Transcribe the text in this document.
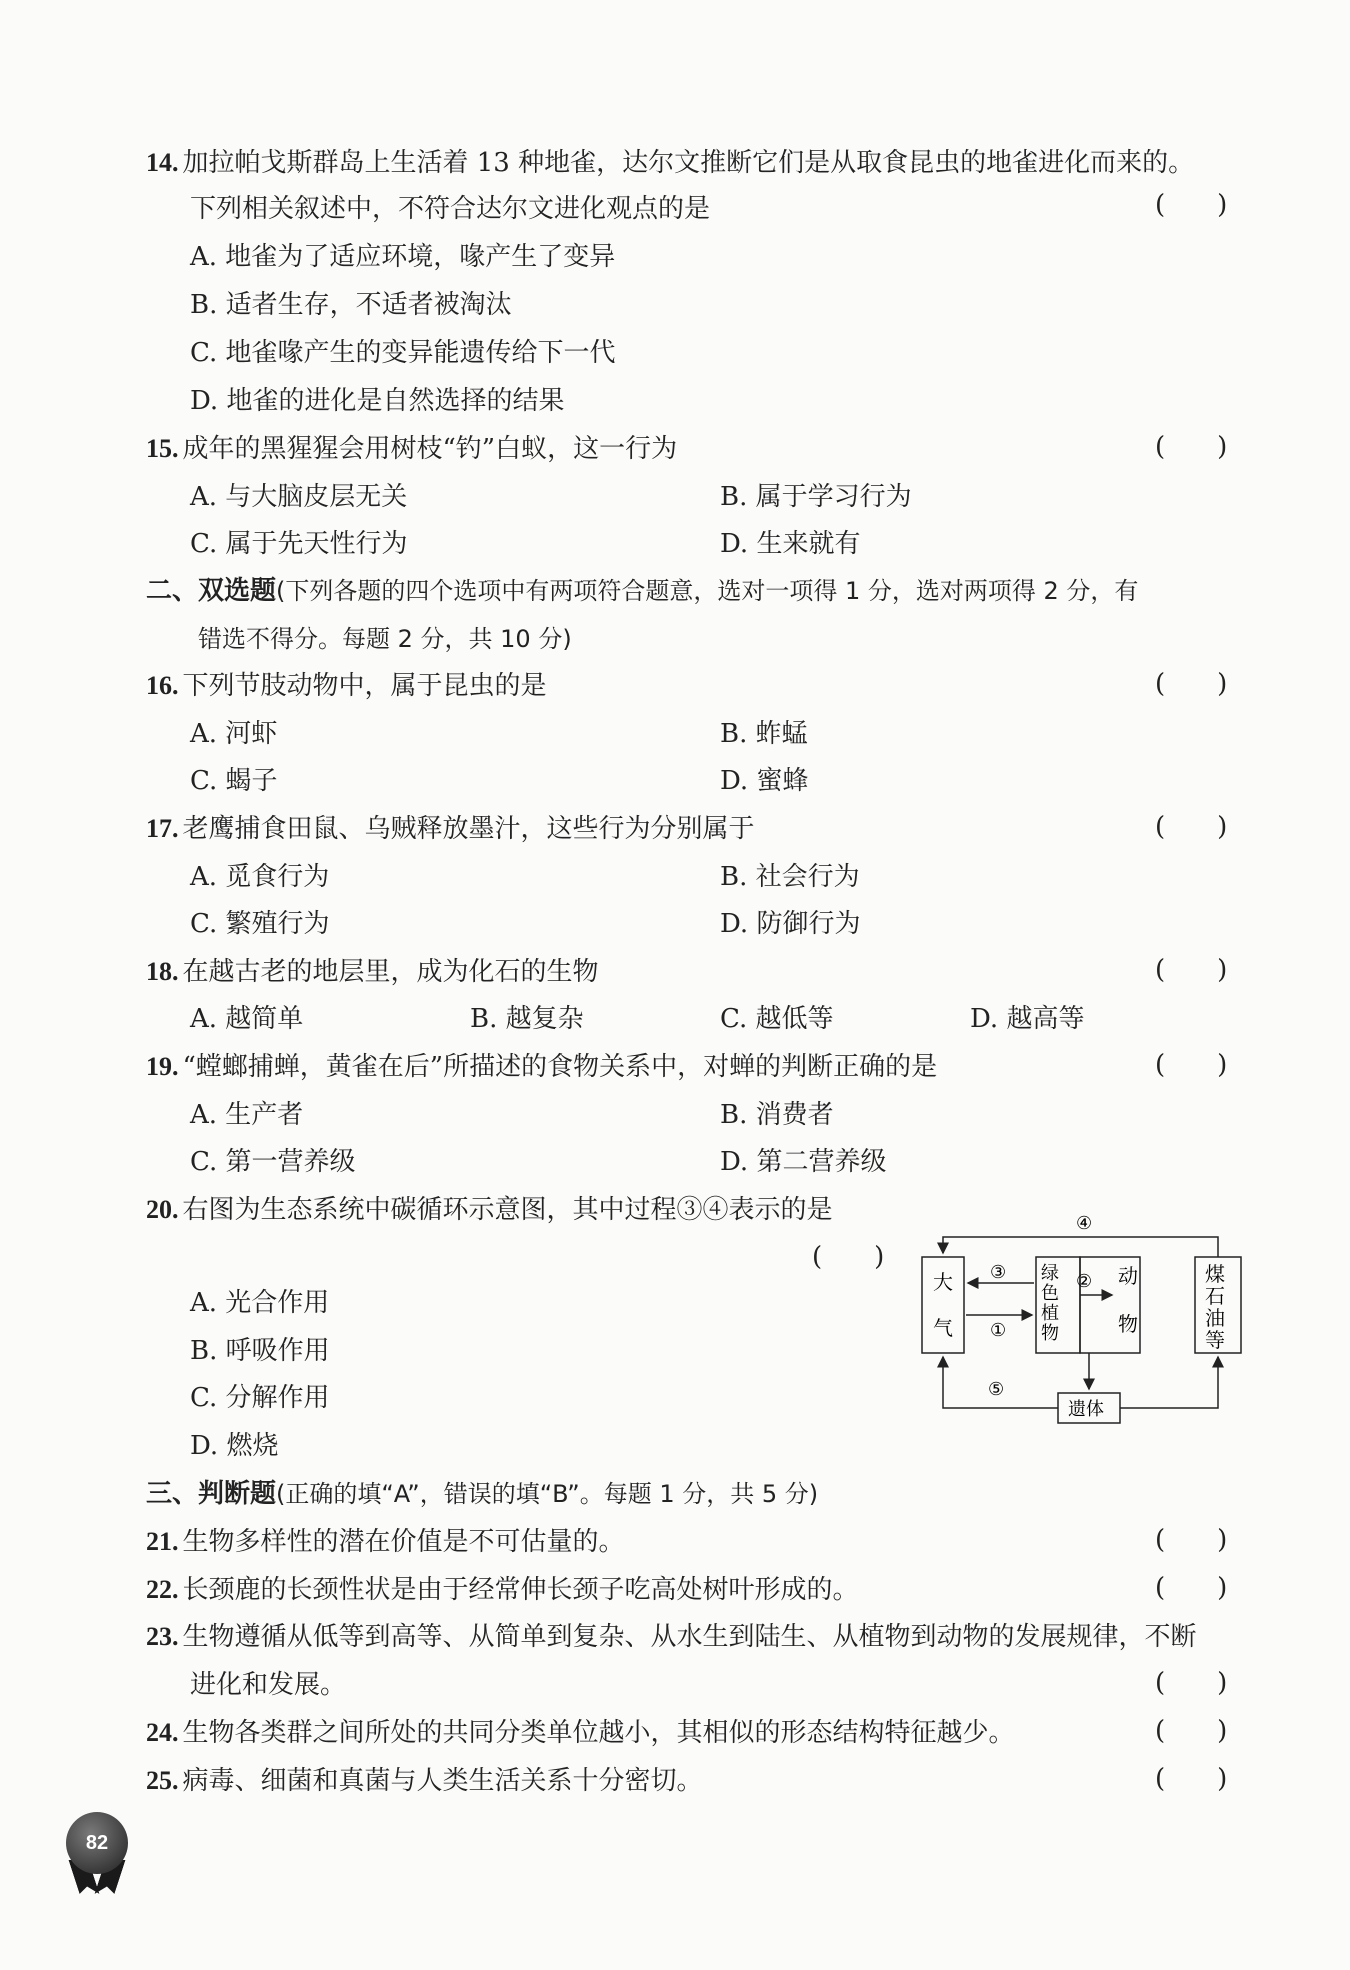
14. 加拉帕戈斯群岛上生活着 13 种地雀，达尔文推断它们是从取食昆虫的地雀进化而来的。
下列相关叙述中，不符合达尔文进化观点的是	(　　)
A. 地雀为了适应环境，喙产生了变异
B. 适者生存，不适者被淘汰
C. 地雀喙产生的变异能遗传给下一代
D. 地雀的进化是自然选择的结果
15. 成年的黑猩猩会用树枝“钓”白蚁，这一行为	(　　)
A. 与大脑皮层无关	B. 属于学习行为
C. 属于先天性行为	D. 生来就有
二、双选题(下列各题的四个选项中有两项符合题意，选对一项得 1 分，选对两项得 2 分，有
错选不得分。每题 2 分，共 10 分)
16. 下列节肢动物中，属于昆虫的是	(　　)
A. 河虾	B. 蚱蜢
C. 蝎子	D. 蜜蜂
17. 老鹰捕食田鼠、乌贼释放墨汁，这些行为分别属于	(　　)
A. 觅食行为	B. 社会行为
C. 繁殖行为	D. 防御行为
18. 在越古老的地层里，成为化石的生物	(　　)
A. 越简单	B. 越复杂	C. 越低等	D. 越高等
19. “螳螂捕蝉，黄雀在后”所描述的食物关系中，对蝉的判断正确的是	(　　)
A. 生产者	B. 消费者
C. 第一营养级	D. 第二营养级
20. 右图为生态系统中碳循环示意图，其中过程③④表示的是
(　　)
A. 光合作用
B. 呼吸作用
C. 分解作用
D. 燃烧
大
气
绿
色
植
物
动
物
煤
石
油
等
遗体
③
①
②
④
⑤
三、判断题(正确的填“A”，错误的填“B”。每题 1 分，共 5 分)
21. 生物多样性的潜在价值是不可估量的。	(　　)
22. 长颈鹿的长颈性状是由于经常伸长颈子吃高处树叶形成的。	(　　)
23. 生物遵循从低等到高等、从简单到复杂、从水生到陆生、从植物到动物的发展规律，不断
进化和发展。	(　　)
24. 生物各类群之间所处的共同分类单位越小，其相似的形态结构特征越少。	(　　)
25. 病毒、细菌和真菌与人类生活关系十分密切。	(　　)
82
